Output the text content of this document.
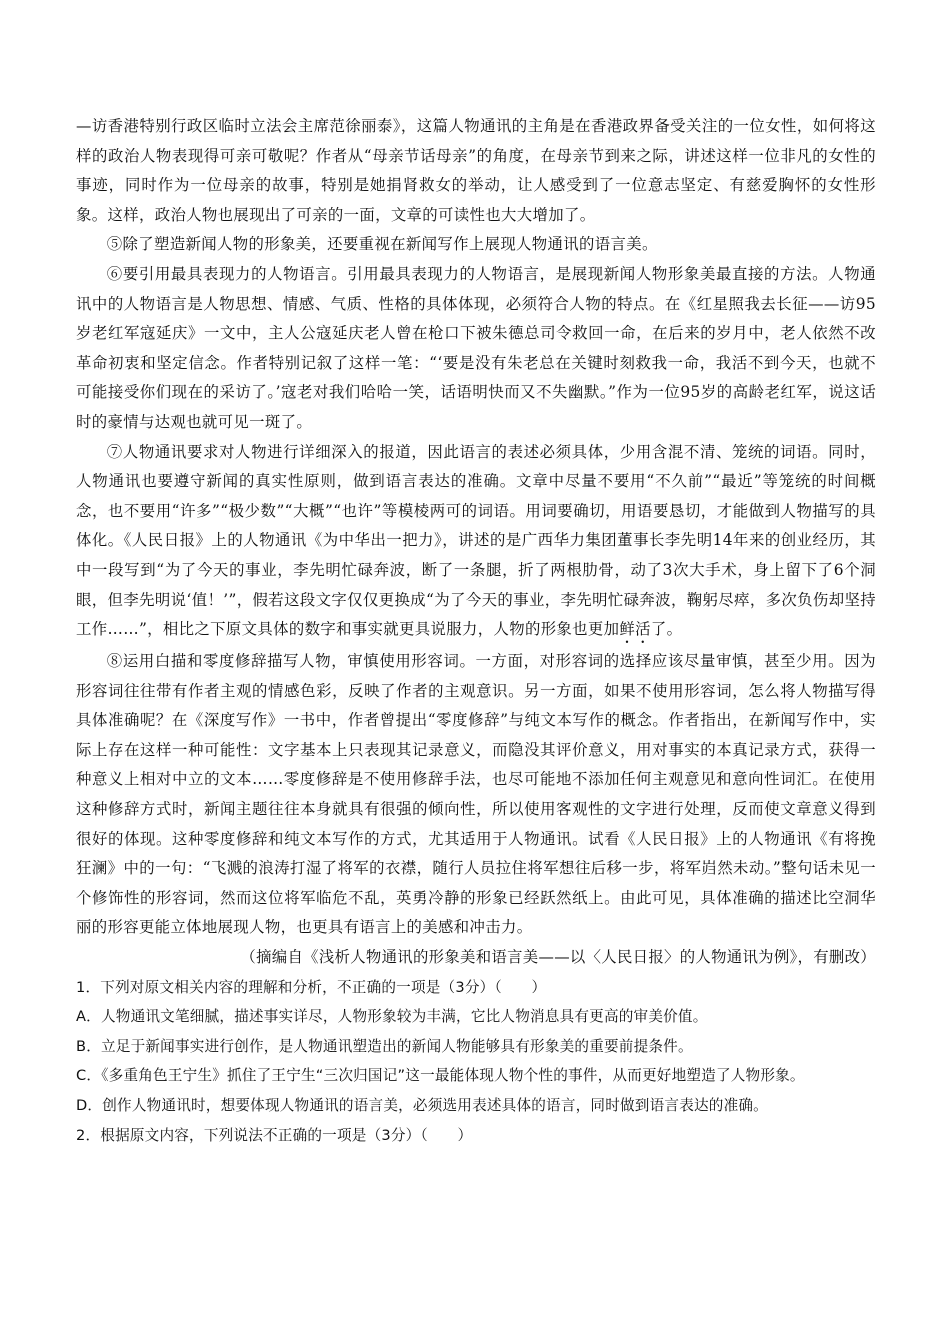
—访香港特别行政区临时立法会主席范徐丽泰》，这篇人物通讯的主角是在香港政界备受关注的一位女性，如何将这样的政治人物表现得可亲可敬呢？作者从“母亲节话母亲”的角度，在母亲节到来之际，讲述这样一位非凡的女性的事迹，同时作为一位母亲的故事，特别是她捐肾救女的举动，让人感受到了一位意志坚定、有慈爱胸怀的女性形象。这样，政治人物也展现出了可亲的一面，文章的可读性也大大增加了。

⑤除了塑造新闻人物的形象美，还要重视在新闻写作上展现人物通讯的语言美。

⑥要引用最具表现力的人物语言。引用最具表现力的人物语言，是展现新闻人物形象美最直接的方法。人物通讯中的人物语言是人物思想、情感、气质、性格的具体体现，必须符合人物的特点。在《红星照我去长征——访95岁老红军寇延庆》一文中，主人公寇延庆老人曾在枪口下被朱德总司令救回一命，在后来的岁月中，老人依然不改革命初衷和坚定信念。作者特别记叙了这样一笔：“‘要是没有朱老总在关键时刻救我一命，我活不到今天，也就不可能接受你们现在的采访了。’寇老对我们哈哈一笑，话语明快而又不失幽默。”作为一位95岁的高龄老红军，说这话时的豪情与达观也就可见一斑了。

⑦人物通讯要求对人物进行详细深入的报道，因此语言的表述必须具体，少用含混不清、笼统的词语。同时，人物通讯也要遵守新闻的真实性原则，做到语言表达的准确。文章中尽量不要用“不久前”“最近”等笼统的时间概念，也不要用“许多”“极少数”“大概”“也许”等模棱两可的词语。用词要确切，用语要恳切，才能做到人物描写的具体化。《人民日报》上的人物通讯《为中华出一把力》，讲述的是广西华力集团董事长李先明14年来的创业经历，其中一段写到“为了今天的事业，李先明忙碌奔波，断了一条腿，折了两根肋骨，动了3次大手术，身上留下了6个洞眼，但李先明说‘值！’”，假若这段文字仅仅更换成“为了今天的事业，李先明忙碌奔波，鞠躬尽瘁，多次负伤却坚持工作……”，相比之下原文具体的数字和事实就更具说服力，人物的形象也更加鲜活了。

⑧运用白描和零度修辞描写人物，审慎使用形容词。一方面，对形容词的选择应该尽量审慎，甚至少用。因为形容词往往带有作者主观的情感色彩，反映了作者的主观意识。另一方面，如果不使用形容词，怎么将人物描写得具体准确呢？在《深度写作》一书中，作者曾提出“零度修辞”与纯文本写作的概念。作者指出，在新闻写作中，实际上存在这样一种可能性：文字基本上只表现其记录意义，而隐没其评价意义，用对事实的本真记录方式，获得一种意义上相对中立的文本……零度修辞是不使用修辞手法，也尽可能地不添加任何主观意见和意向性词汇。在使用这种修辞方式时，新闻主题往往本身就具有很强的倾向性，所以使用客观性的文字进行处理，反而使文章意义得到很好的体现。这种零度修辞和纯文本写作的方式，尤其适用于人物通讯。试看《人民日报》上的人物通讯《有将挽狂澜》中的一句：“飞溅的浪涛打湿了将军的衣襟，随行人员拉住将军想往后移一步，将军岿然未动。”整句话未见一个修饰性的形容词，然而这位将军临危不乱，英勇冷静的形象已经跃然纸上。由此可见，具体准确的描述比空洞华丽的形容更能立体地展现人物，也更具有语言上的美感和冲击力。

（摘编自《浅析人物通讯的形象美和语言美——以〈人民日报〉的人物通讯为例》，有删改）

1．下列对原文相关内容的理解和分析，不正确的一项是（3分）（　　）

A．人物通讯文笔细腻，描述事实详尽，人物形象较为丰满，它比人物消息具有更高的审美价值。

B．立足于新闻事实进行创作，是人物通讯塑造出的新闻人物能够具有形象美的重要前提条件。

C．《多重角色王宁生》抓住了王宁生“三次归国记”这一最能体现人物个性的事件，从而更好地塑造了人物形象。

D．创作人物通讯时，想要体现人物通讯的语言美，必须选用表述具体的语言，同时做到语言表达的准确。

2．根据原文内容，下列说法不正确的一项是（3分）（　　）
